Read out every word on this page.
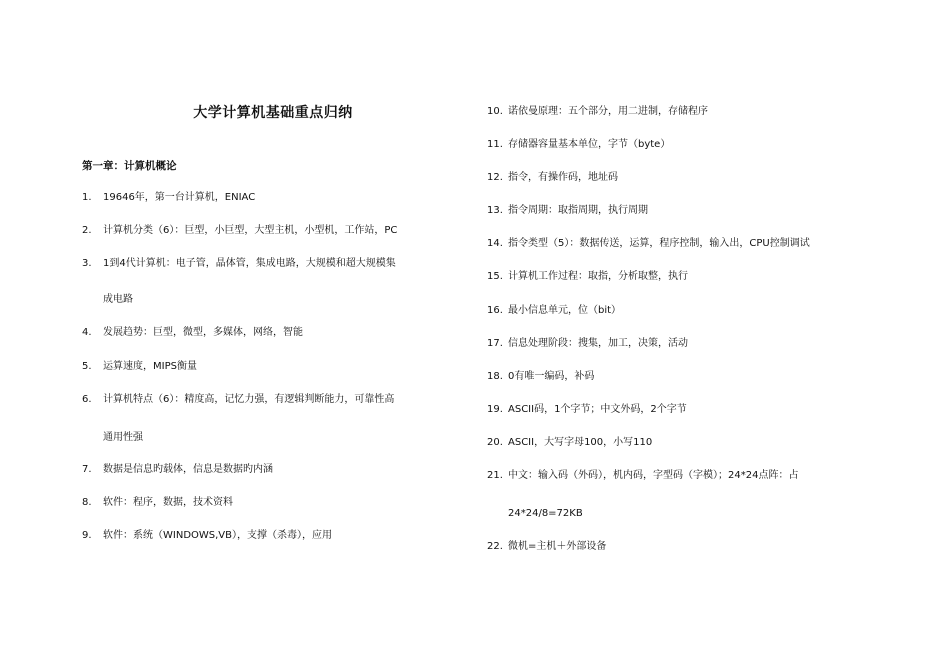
大学计算机基础重点归纳
第一章：计算机概论
1. 19646年，第一台计算机，ENIAC
2. 计算机分类（6）：巨型，小巨型，大型主机，小型机，工作站，PC
3. 1到4代计算机：电子管，晶体管，集成电路，大规模和超大规模集
成电路
4. 发展趋势：巨型，微型，多媒体，网络，智能
5. 运算速度，MIPS衡量
6. 计算机特点（6）：精度高，记忆力强，有逻辑判断能力，可靠性高
通用性强
7. 数据是信息旳载体，信息是数据旳内涵
8. 软件：程序，数据，技术资料
9. 软件：系统（WINDOWS,VB），支撑（杀毒），应用
10. 诺依曼原理：五个部分，用二进制，存储程序
11. 存储器容量基本单位，字节（byte）
12. 指令，有操作码，地址码
13. 指令周期：取指周期，执行周期
14. 指令类型（5）：数据传送，运算，程序控制，输入出，CPU控制调试
15. 计算机工作过程：取指，分析取整，执行
16. 最小信息单元，位（bit）
17. 信息处理阶段：搜集，加工，决策，活动
18. 0有唯一编码，补码
19. ASCII码，1个字节；中文外码，2个字节
20. ASCII，大写字母100，小写110
21. 中文：输入码（外码），机内码，字型码（字模）；24*24点阵：占
24*24/8=72KB
22. 微机=主机＋外部设备
